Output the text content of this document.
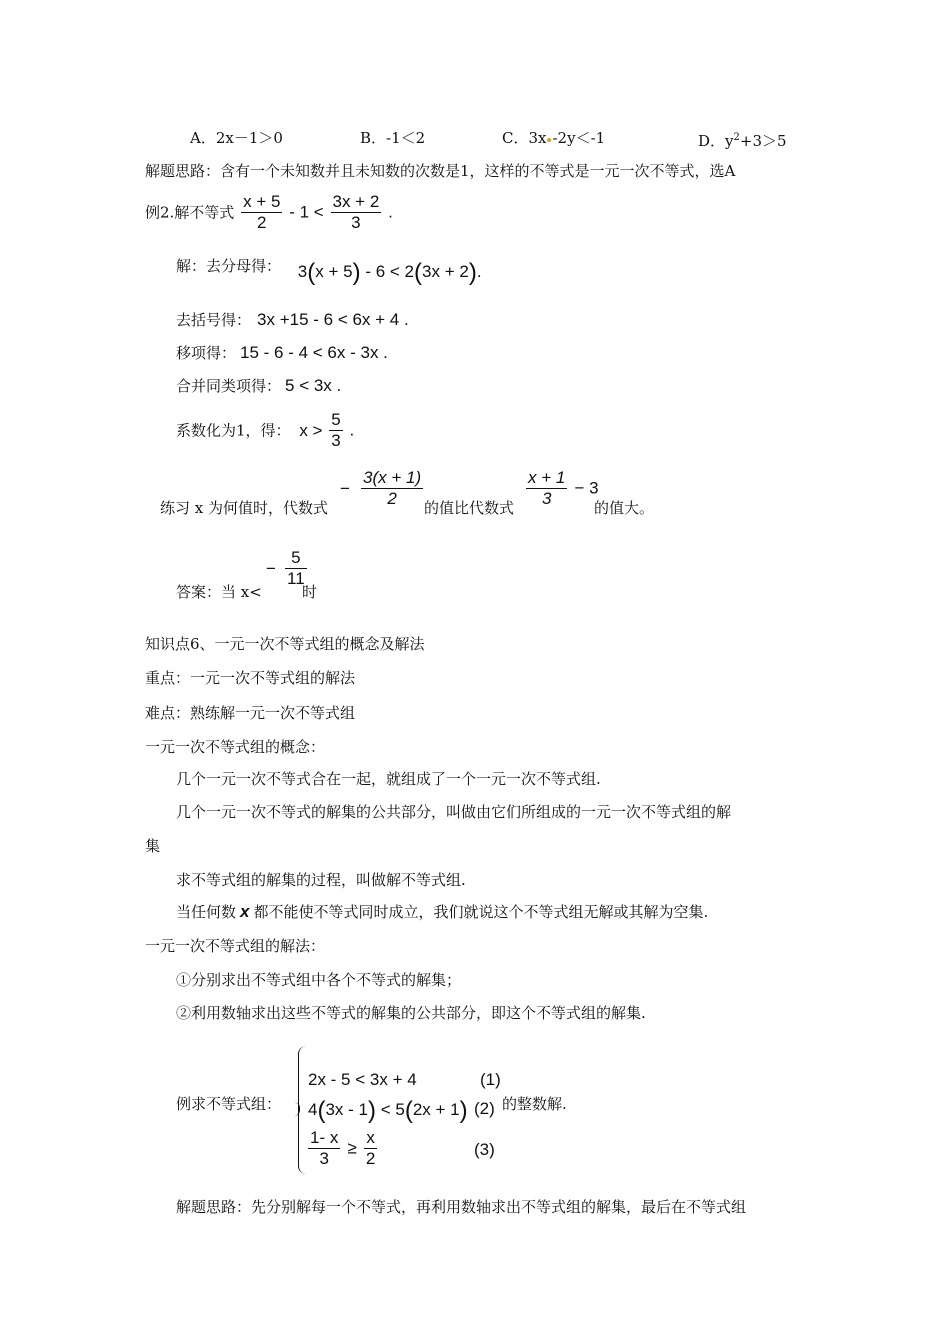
A．2x－1＞0	B．-1＜2	C．3x -2y＜-1	D．$y^2+3>5$
解题思路：含有一个未知数并且未知数的次数是1，这样的不等式是一元一次不等式，选A
例2.解不等式 $\frac{x + 5}{2} - 1 < \frac{3x + 2}{3}$ .
解：去分母得： 3(x + 5) - 6 < 2(3x + 2).
去括号得： 3x +15 - 6 < 6x + 4 .
移项得： 15 - 6 - 4 < 6x - 3x .
合并同类项得： 5 < 3x .
系数化为1，得： $x > \frac{5}{3}$ .
练习 x 为何值时，代数式
− $\frac{3(x + 1)}{2}$ 的值比代数式 $\frac{x + 1}{3} - 3$
的值大。
答案：当 x<
− $\frac{5}{11}$
时
知识点6、一元一次不等式组的概念及解法
重点：一元一次不等式组的解法
难点：熟练解一元一次不等式组
一元一次不等式组的概念：
几个一元一次不等式合在一起，就组成了一个一元一次不等式组.
几个一元一次不等式的解集的公共部分，叫做由它们所组成的一元一次不等式组的解
集
求不等式组的解集的过程，叫做解不等式组.
当任何数 x 都不能使不等式同时成立，我们就说这个不等式组无解或其解为空集.
一元一次不等式组的解法：
①分别求出不等式组中各个不等式的解集；
②利用数轴求出这些不等式的解集的公共部分，即这个不等式组的解集.
例求不等式组：
2x - 5 < 3x + 4	(1)
4(3x - 1) < 5(2x + 1) (2) 的整数解.
$\frac{1- x}{3} \ge \frac{x}{2}$	(3)
解题思路：先分别解每一个不等式，再利用数轴求出不等式组的解集，最后在不等式组
